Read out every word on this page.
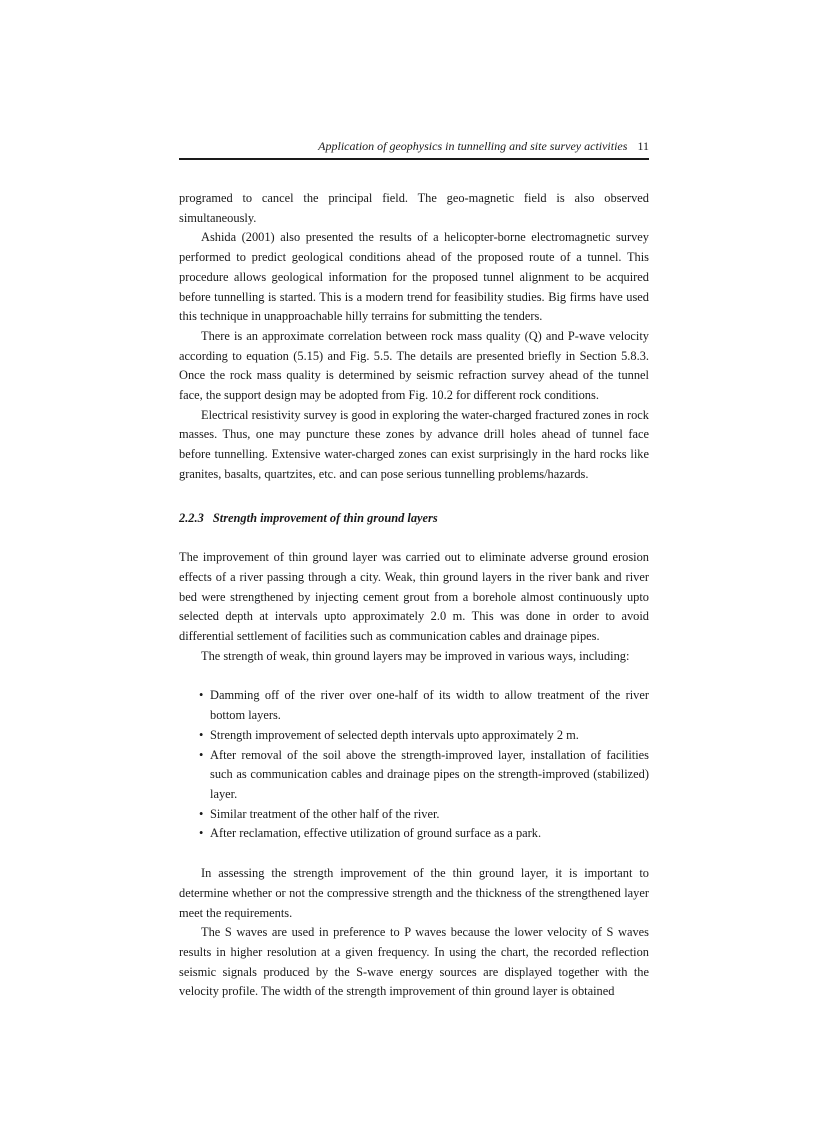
Application of geophysics in tunnelling and site survey activities 11

programed to cancel the principal field. The geo-magnetic field is also observed simultaneously.

Ashida (2001) also presented the results of a helicopter-borne electromagnetic survey performed to predict geological conditions ahead of the proposed route of a tunnel. This procedure allows geological information for the proposed tunnel alignment to be acquired before tunnelling is started. This is a modern trend for feasibility studies. Big firms have used this technique in unapproachable hilly terrains for submitting the tenders.

There is an approximate correlation between rock mass quality (Q) and P-wave velocity according to equation (5.15) and Fig. 5.5. The details are presented briefly in Section 5.8.3. Once the rock mass quality is determined by seismic refraction survey ahead of the tunnel face, the support design may be adopted from Fig. 10.2 for different rock conditions.

Electrical resistivity survey is good in exploring the water-charged fractured zones in rock masses. Thus, one may puncture these zones by advance drill holes ahead of tunnel face before tunnelling. Extensive water-charged zones can exist surprisingly in the hard rocks like granites, basalts, quartzites, etc. and can pose serious tunnelling problems/hazards.

2.2.3 Strength improvement of thin ground layers

The improvement of thin ground layer was carried out to eliminate adverse ground erosion effects of a river passing through a city. Weak, thin ground layers in the river bank and river bed were strengthened by injecting cement grout from a borehole almost continuously upto selected depth at intervals upto approximately 2.0 m. This was done in order to avoid differential settlement of facilities such as communication cables and drainage pipes.

The strength of weak, thin ground layers may be improved in various ways, including:

• Damming off of the river over one-half of its width to allow treatment of the river bottom layers.
• Strength improvement of selected depth intervals upto approximately 2 m.
• After removal of the soil above the strength-improved layer, installation of facilities such as communication cables and drainage pipes on the strength-improved (stabilized) layer.
• Similar treatment of the other half of the river.
• After reclamation, effective utilization of ground surface as a park.

In assessing the strength improvement of the thin ground layer, it is important to determine whether or not the compressive strength and the thickness of the strengthened layer meet the requirements.

The S waves are used in preference to P waves because the lower velocity of S waves results in higher resolution at a given frequency. In using the chart, the recorded reflection seismic signals produced by the S-wave energy sources are displayed together with the velocity profile. The width of the strength improvement of thin ground layer is obtained
